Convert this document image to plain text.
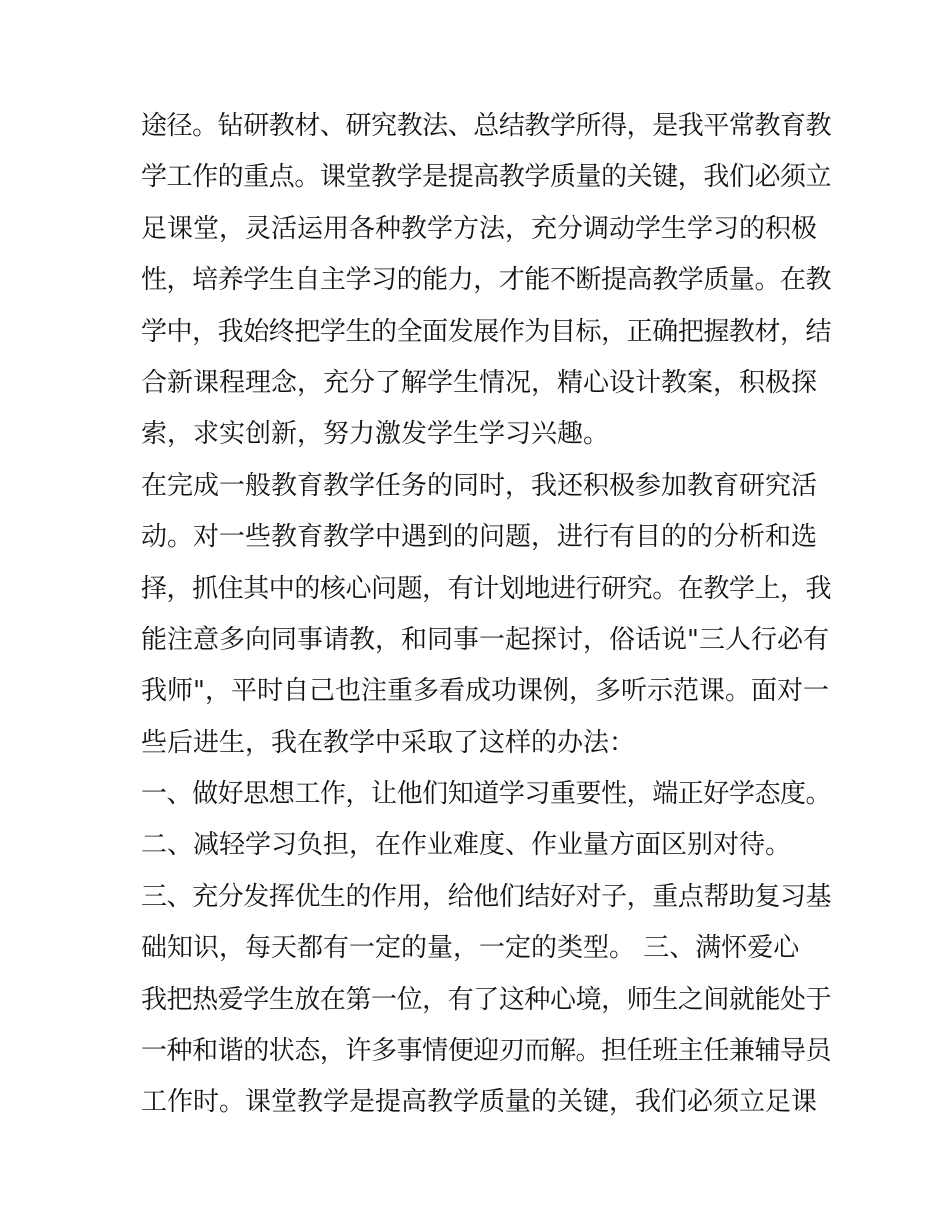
途径。钻研教材、研究教法、总结教学所得，是我平常教育教
学工作的重点。课堂教学是提高教学质量的关键，我们必须立
足课堂，灵活运用各种教学方法，充分调动学生学习的积极
性，培养学生自主学习的能力，才能不断提高教学质量。在教
学中，我始终把学生的全面发展作为目标，正确把握教材，结
合新课程理念，充分了解学生情况，精心设计教案，积极探
索，求实创新，努力激发学生学习兴趣。
在完成一般教育教学任务的同时，我还积极参加教育研究活
动。对一些教育教学中遇到的问题，进行有目的的分析和选
择，抓住其中的核心问题，有计划地进行研究。在教学上，我
能注意多向同事请教，和同事一起探讨，俗话说"三人行必有
我师"，平时自己也注重多看成功课例，多听示范课。面对一
些后进生，我在教学中采取了这样的办法：
一、做好思想工作，让他们知道学习重要性，端正好学态度。
二、减轻学习负担，在作业难度、作业量方面区别对待。
三、充分发挥优生的作用，给他们结好对子，重点帮助复习基
础知识，每天都有一定的量，一定的类型。 三、满怀爱心
我把热爱学生放在第一位，有了这种心境，师生之间就能处于
一种和谐的状态，许多事情便迎刃而解。担任班主任兼辅导员
工作时。课堂教学是提高教学质量的关键，我们必须立足课
